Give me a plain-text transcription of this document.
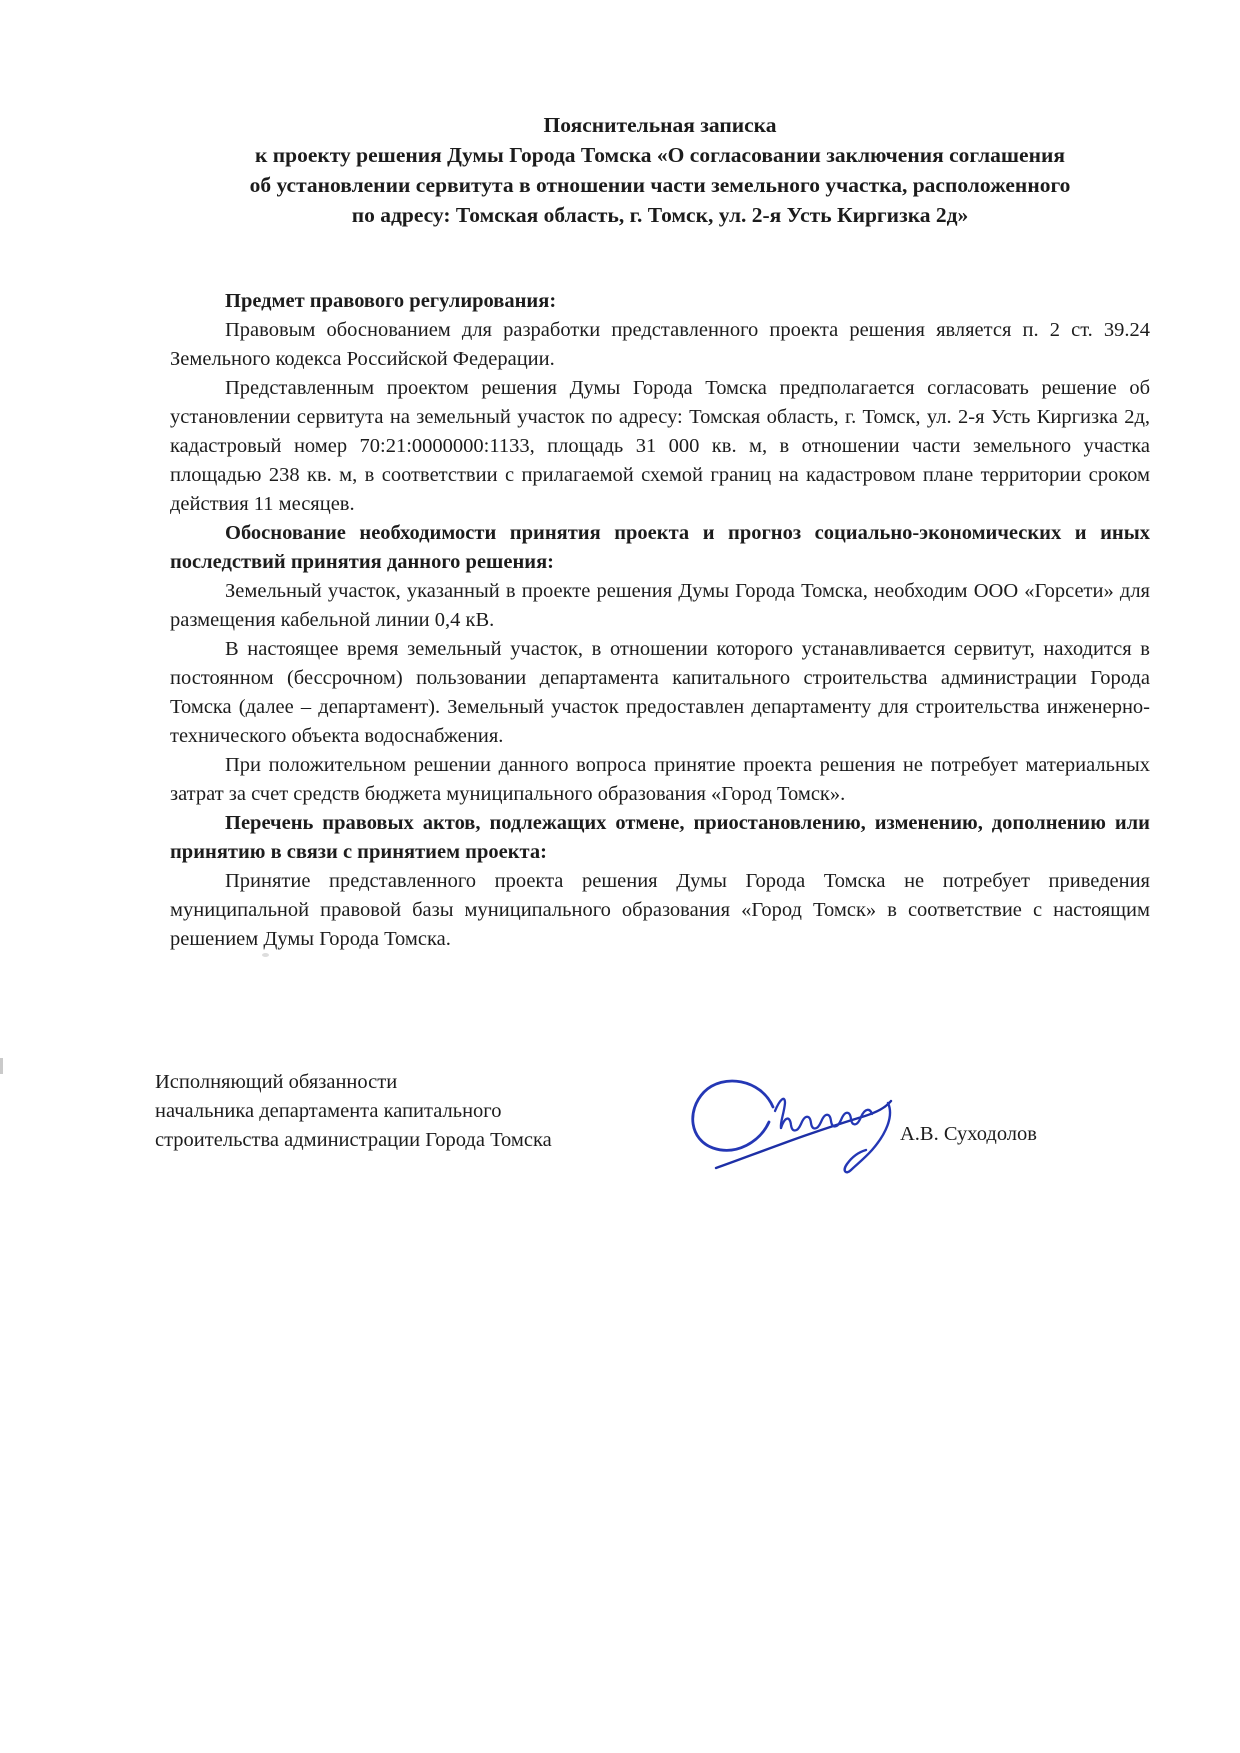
Пояснительная записка
к проекту решения Думы Города Томска «О согласовании заключения соглашения
об установлении сервитута в отношении части земельного участка, расположенного
по адресу: Томская область, г. Томск, ул. 2-я Усть Киргизка 2д»

Предмет правового регулирования:

Правовым обоснованием для разработки представленного проекта решения является п. 2 ст. 39.24 Земельного кодекса Российской Федерации.

Представленным проектом решения Думы Города Томска предполагается согласовать решение об установлении сервитута на земельный участок по адресу: Томская область, г. Томск, ул. 2-я Усть Киргизка 2д, кадастровый номер 70:21:0000000:1133, площадь 31 000 кв. м, в отношении части земельного участка площадью 238 кв. м, в соответствии с прилагаемой схемой границ на кадастровом плане территории сроком действия 11 месяцев.

Обоснование необходимости принятия проекта и прогноз социально-экономических и иных последствий принятия данного решения:

Земельный участок, указанный в проекте решения Думы Города Томска, необходим ООО «Горсети» для размещения кабельной линии 0,4 кВ.

В настоящее время земельный участок, в отношении которого устанавливается сервитут, находится в постоянном (бессрочном) пользовании департамента капитального строительства администрации Города Томска (далее – департамент). Земельный участок предоставлен департаменту для строительства инженерно-технического объекта водоснабжения.

При положительном решении данного вопроса принятие проекта решения не потребует материальных затрат за счет средств бюджета муниципального образования «Город Томск».

Перечень правовых актов, подлежащих отмене, приостановлению, изменению, дополнению или принятию в связи с принятием проекта:

Принятие представленного проекта решения Думы Города Томска не потребует приведения муниципальной правовой базы муниципального образования «Город Томск» в соответствие с настоящим решением Думы Города Томска.

Исполняющий обязанности
начальника департамента капитального
строительства администрации Города Томска	А.В. Суходолов
